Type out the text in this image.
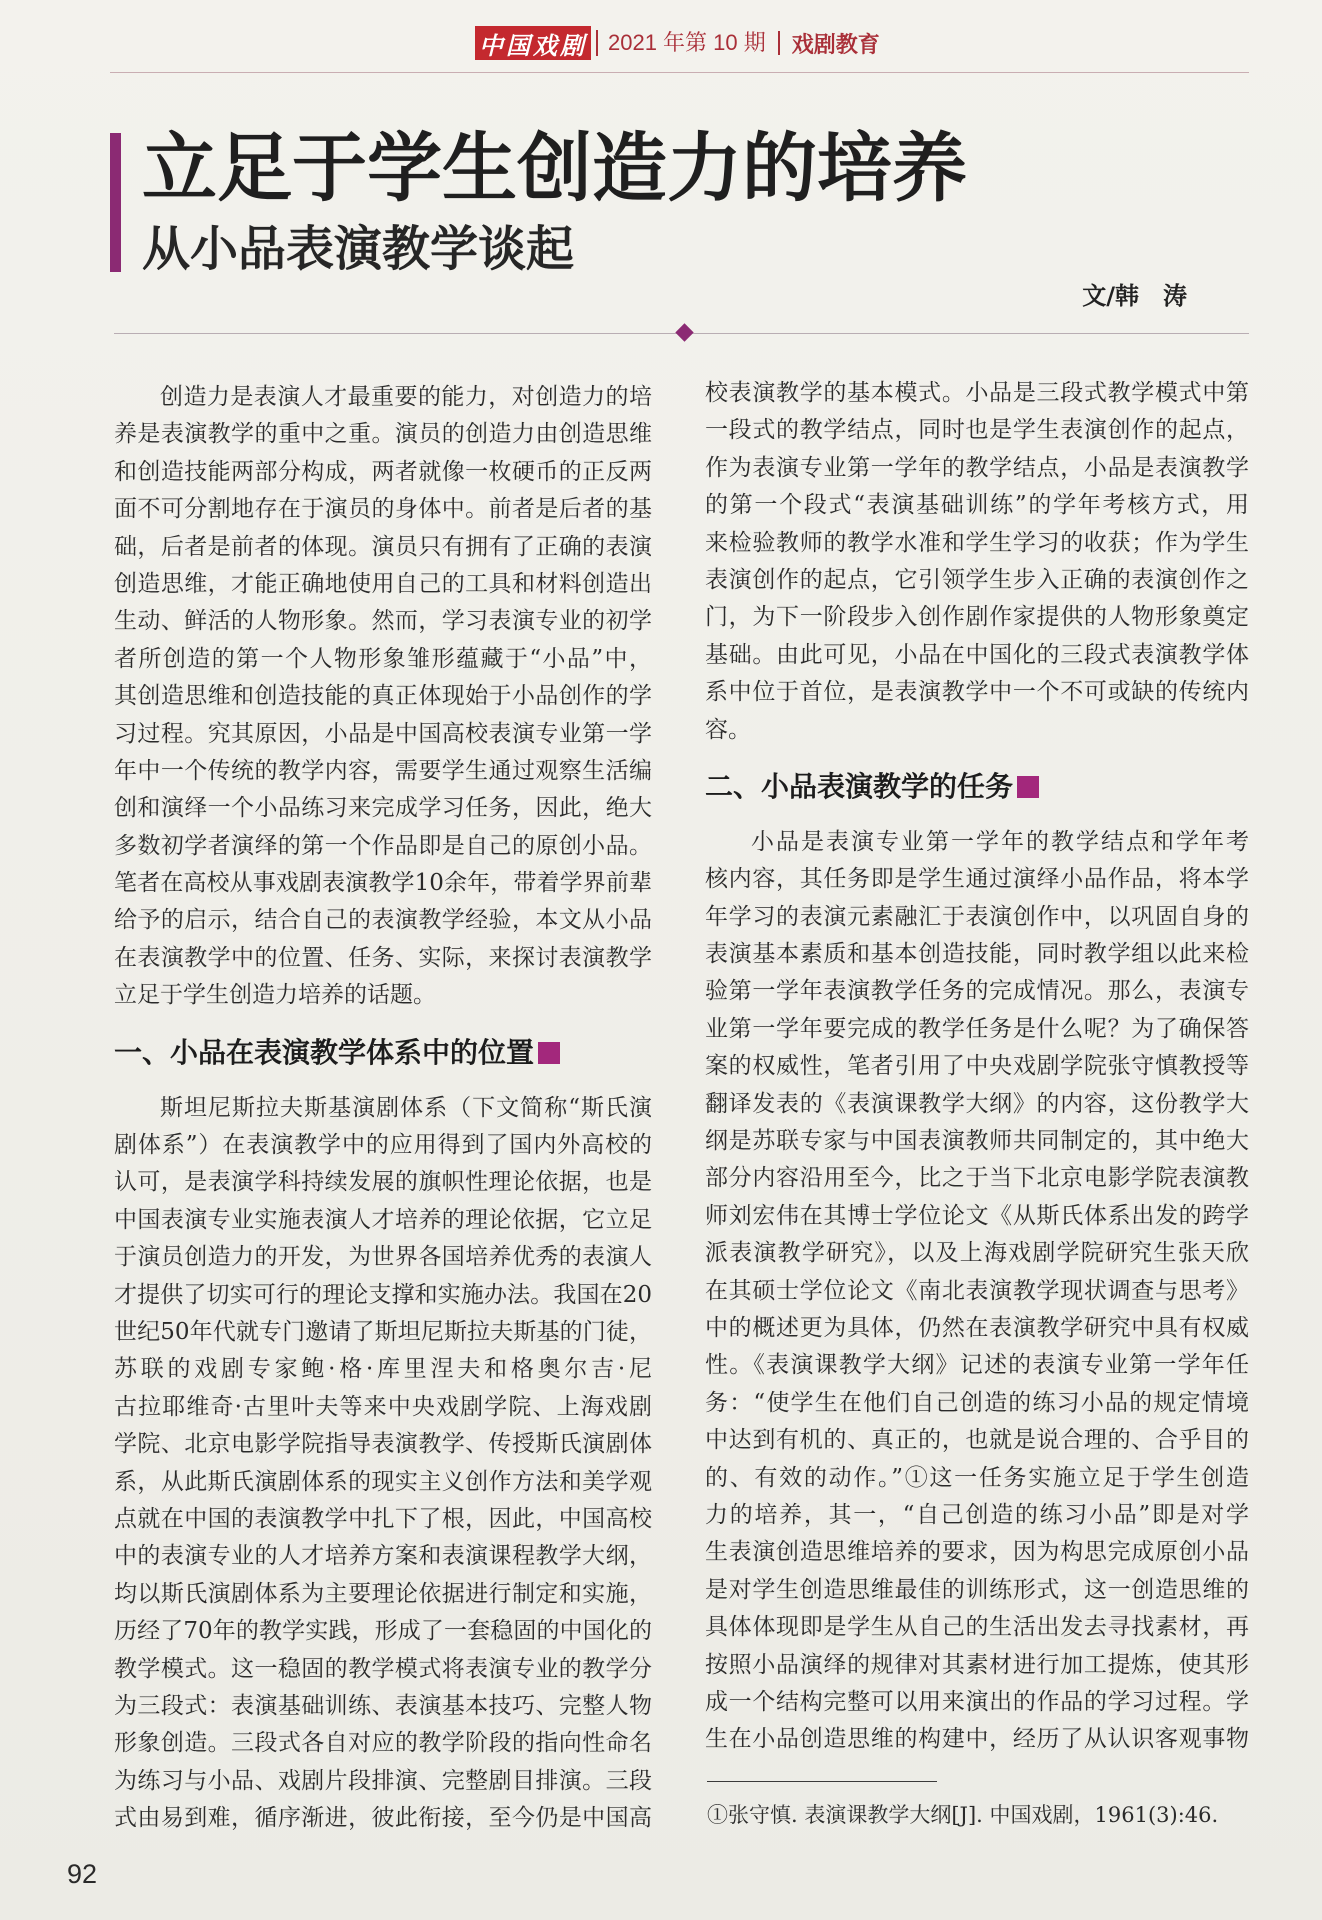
中国戏剧 2021 年第 10 期 戏剧教育
立足于学生创造力的培养
从小品表演教学谈起
文/韩　涛
创造力是表演人才最重要的能力，对创造力的培
养是表演教学的重中之重。演员的创造力由创造思维
和创造技能两部分构成，两者就像一枚硬币的正反两
面不可分割地存在于演员的身体中。前者是后者的基
础，后者是前者的体现。演员只有拥有了正确的表演
创造思维，才能正确地使用自己的工具和材料创造出
生动、鲜活的人物形象。然而，学习表演专业的初学
者所创造的第一个人物形象雏形蕴藏于“小品”中，
其创造思维和创造技能的真正体现始于小品创作的学
习过程。究其原因，小品是中国高校表演专业第一学
年中一个传统的教学内容，需要学生通过观察生活编
创和演绎一个小品练习来完成学习任务，因此，绝大
多数初学者演绎的第一个作品即是自己的原创小品。
笔者在高校从事戏剧表演教学10余年，带着学界前辈
给予的启示，结合自己的表演教学经验，本文从小品
在表演教学中的位置、任务、实际，来探讨表演教学
立足于学生创造力培养的话题。
一、小品在表演教学体系中的位置
斯坦尼斯拉夫斯基演剧体系（下文简称“斯氏演
剧体系”）在表演教学中的应用得到了国内外高校的
认可，是表演学科持续发展的旗帜性理论依据，也是
中国表演专业实施表演人才培养的理论依据，它立足
于演员创造力的开发，为世界各国培养优秀的表演人
才提供了切实可行的理论支撑和实施办法。我国在20
世纪50年代就专门邀请了斯坦尼斯拉夫斯基的门徒，
苏联的戏剧专家鲍·格·库里涅夫和格奥尔吉·尼
古拉耶维奇·古里叶夫等来中央戏剧学院、上海戏剧
学院、北京电影学院指导表演教学、传授斯氏演剧体
系，从此斯氏演剧体系的现实主义创作方法和美学观
点就在中国的表演教学中扎下了根，因此，中国高校
中的表演专业的人才培养方案和表演课程教学大纲，
均以斯氏演剧体系为主要理论依据进行制定和实施，
历经了70年的教学实践，形成了一套稳固的中国化的
教学模式。这一稳固的教学模式将表演专业的教学分
为三段式：表演基础训练、表演基本技巧、完整人物
形象创造。三段式各自对应的教学阶段的指向性命名
为练习与小品、戏剧片段排演、完整剧目排演。三段
式由易到难，循序渐进，彼此衔接，至今仍是中国高
校表演教学的基本模式。小品是三段式教学模式中第
一段式的教学结点，同时也是学生表演创作的起点，
作为表演专业第一学年的教学结点，小品是表演教学
的第一个段式“表演基础训练”的学年考核方式，用
来检验教师的教学水准和学生学习的收获；作为学生
表演创作的起点，它引领学生步入正确的表演创作之
门，为下一阶段步入创作剧作家提供的人物形象奠定
基础。由此可见，小品在中国化的三段式表演教学体
系中位于首位，是表演教学中一个不可或缺的传统内
容。
二、小品表演教学的任务
小品是表演专业第一学年的教学结点和学年考
核内容，其任务即是学生通过演绎小品作品，将本学
年学习的表演元素融汇于表演创作中，以巩固自身的
表演基本素质和基本创造技能，同时教学组以此来检
验第一学年表演教学任务的完成情况。那么，表演专
业第一学年要完成的教学任务是什么呢？为了确保答
案的权威性，笔者引用了中央戏剧学院张守慎教授等
翻译发表的《表演课教学大纲》的内容，这份教学大
纲是苏联专家与中国表演教师共同制定的，其中绝大
部分内容沿用至今，比之于当下北京电影学院表演教
师刘宏伟在其博士学位论文《从斯氏体系出发的跨学
派表演教学研究》，以及上海戏剧学院研究生张天欣
在其硕士学位论文《南北表演教学现状调查与思考》
中的概述更为具体，仍然在表演教学研究中具有权威
性。《表演课教学大纲》记述的表演专业第一学年任
务：“使学生在他们自己创造的练习小品的规定情境
中达到有机的、真正的，也就是说合理的、合乎目的
的、有效的动作。”①这一任务实施立足于学生创造
力的培养，其一，“自己创造的练习小品”即是对学
生表演创造思维培养的要求，因为构思完成原创小品
是对学生创造思维最佳的训练形式，这一创造思维的
具体体现即是学生从自己的生活出发去寻找素材，再
按照小品演绎的规律对其素材进行加工提炼，使其形
成一个结构完整可以用来演出的作品的学习过程。学
生在小品创造思维的构建中，经历了从认识客观事物
①张守慎. 表演课教学大纲[J]. 中国戏剧，1961(3):46.
92
